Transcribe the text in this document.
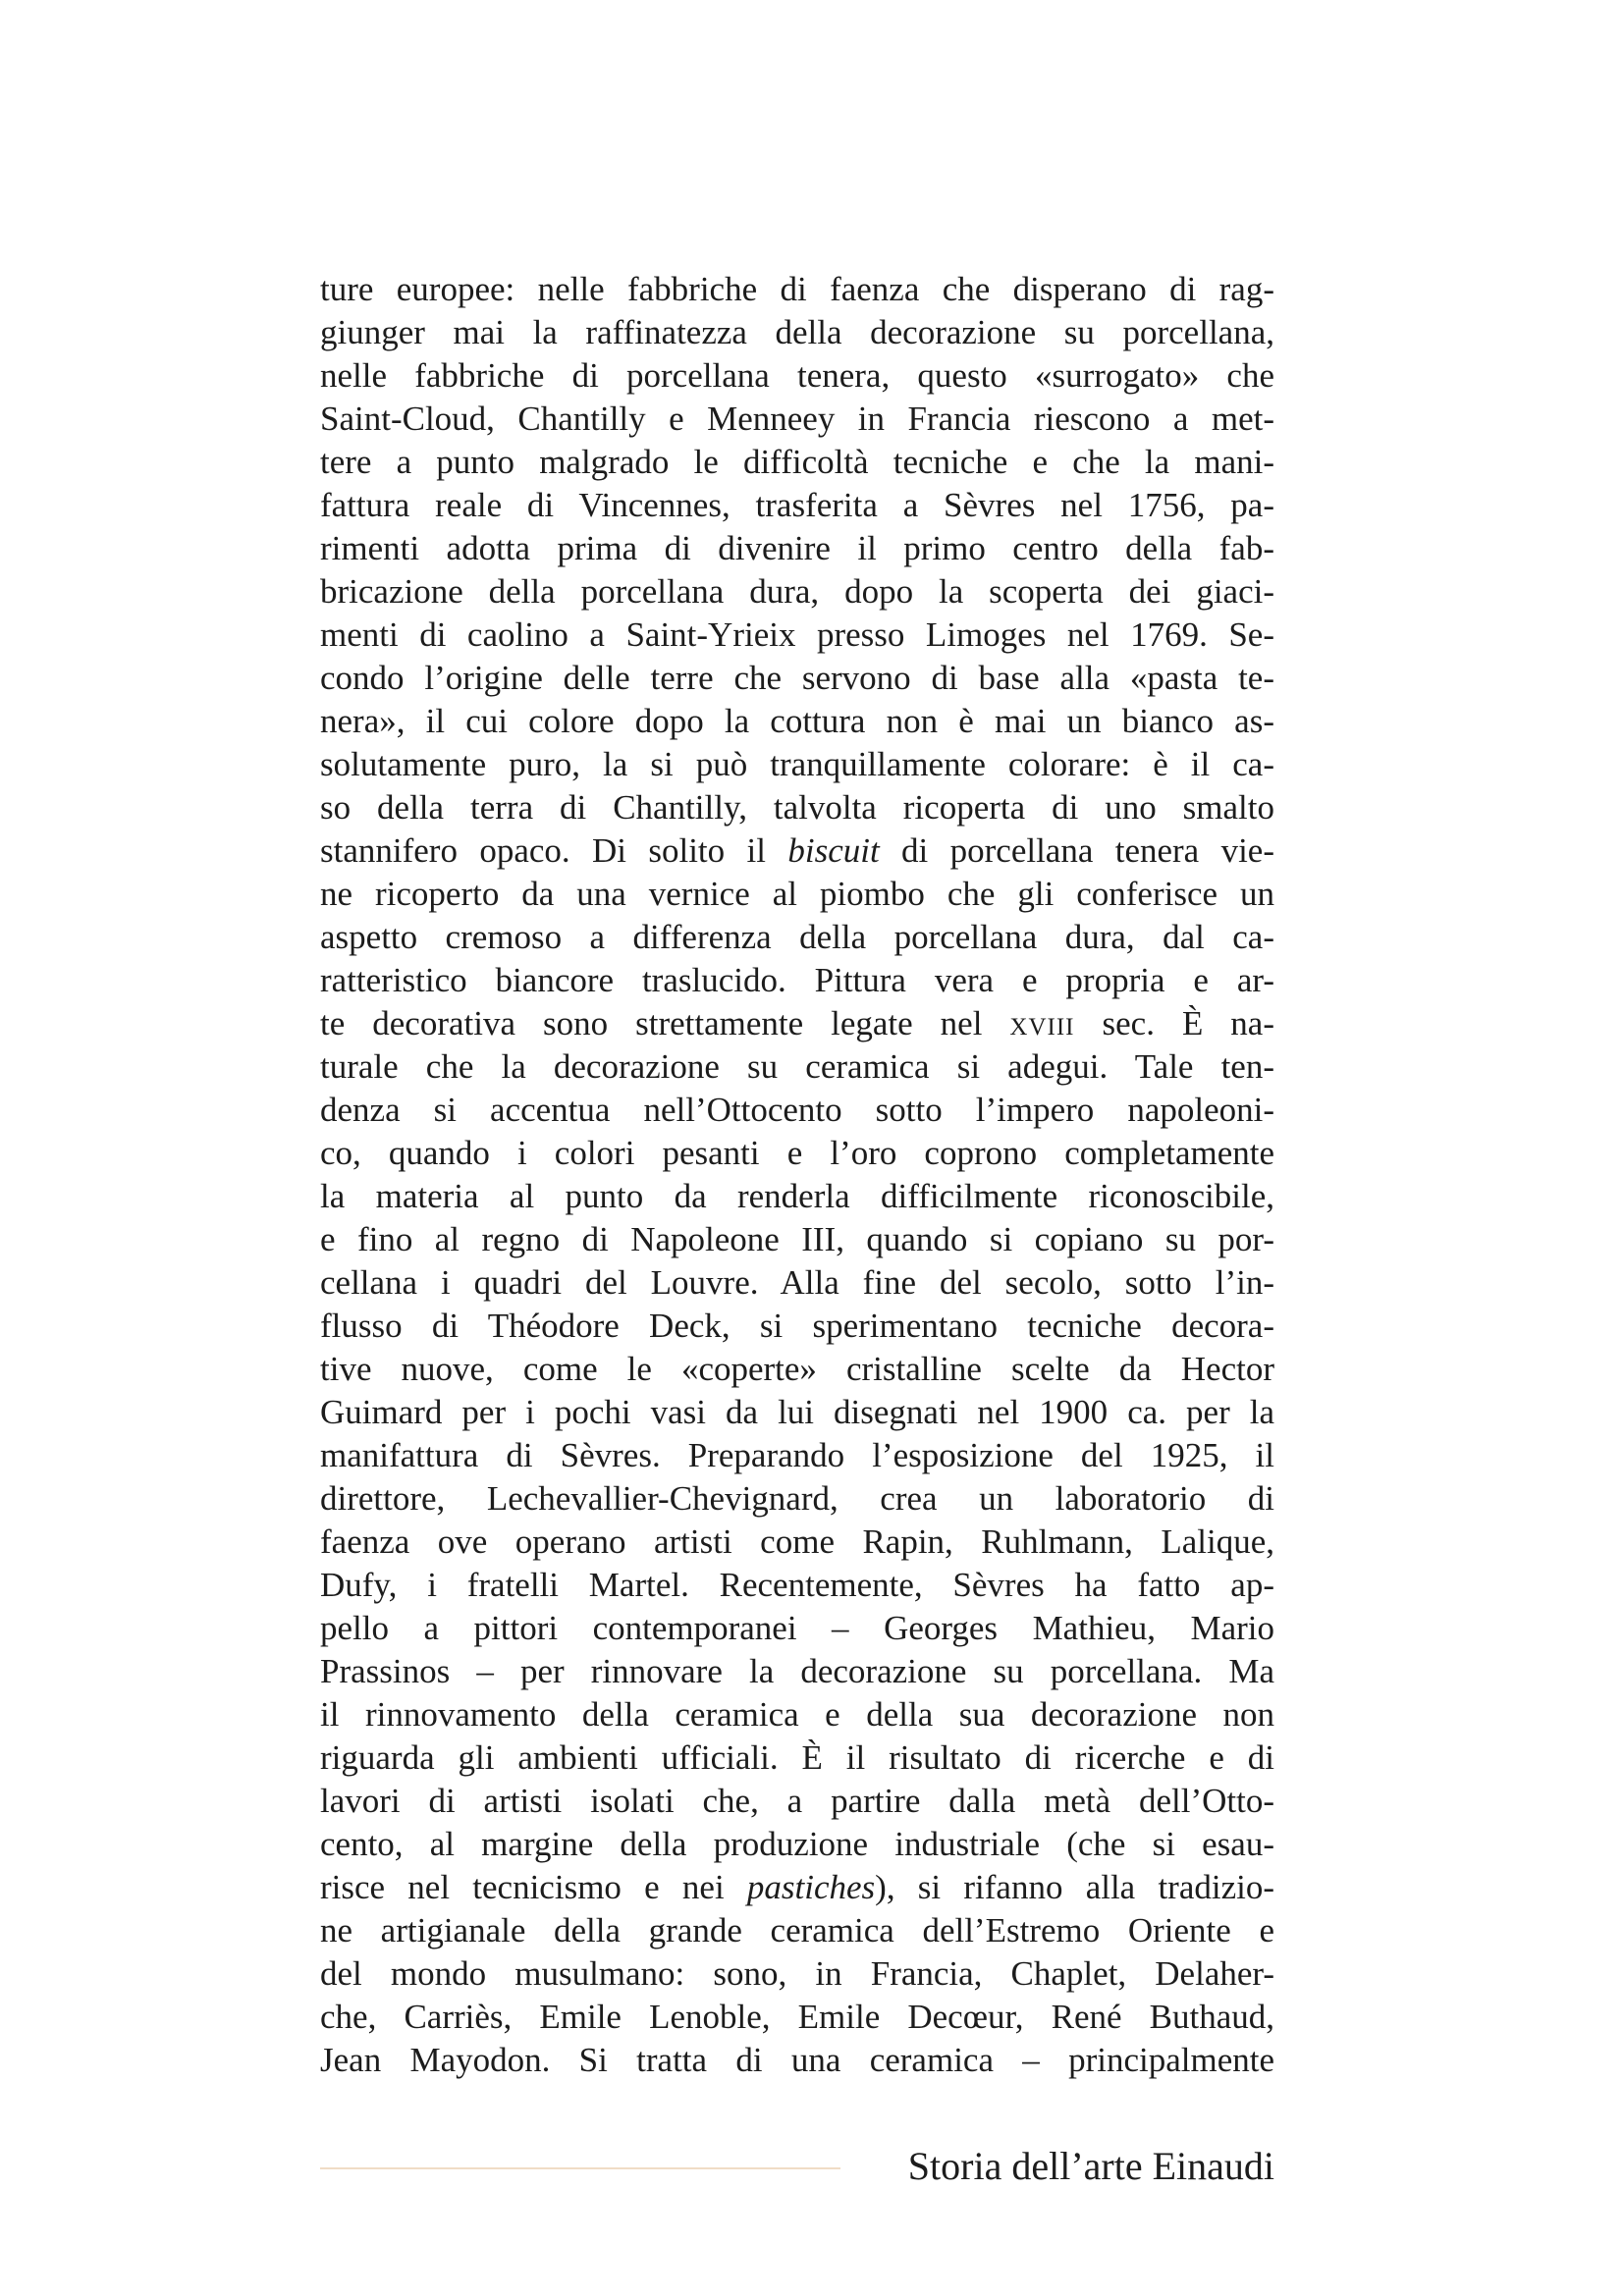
ture europee: nelle fabbriche di faenza che disperano di rag-
giunger mai la raffinatezza della decorazione su porcellana,
nelle fabbriche di porcellana tenera, questo «surrogato» che
Saint-Cloud, Chantilly e Menneey in Francia riescono a met-
tere a punto malgrado le difficoltà tecniche e che la mani-
fattura reale di Vincennes, trasferita a Sèvres nel 1756, pa-
rimenti adotta prima di divenire il primo centro della fab-
bricazione della porcellana dura, dopo la scoperta dei giaci-
menti di caolino a Saint-Yrieix presso Limoges nel 1769. Se-
condo l’origine delle terre che servono di base alla «pasta te-
nera», il cui colore dopo la cottura non è mai un bianco as-
solutamente puro, la si può tranquillamente colorare: è il ca-
so della terra di Chantilly, talvolta ricoperta di uno smalto
stannifero opaco. Di solito il biscuit di porcellana tenera vie-
ne ricoperto da una vernice al piombo che gli conferisce un
aspetto cremoso a differenza della porcellana dura, dal ca-
ratteristico biancore traslucido. Pittura vera e propria e ar-
te decorativa sono strettamente legate nel xviii sec. È na-
turale che la decorazione su ceramica si adegui. Tale ten-
denza si accentua nell’Ottocento sotto l’impero napoleoni-
co, quando i colori pesanti e l’oro coprono completamente
la materia al punto da renderla difficilmente riconoscibile,
e fino al regno di Napoleone III, quando si copiano su por-
cellana i quadri del Louvre. Alla fine del secolo, sotto l’in-
flusso di Théodore Deck, si sperimentano tecniche decora-
tive nuove, come le «coperte» cristalline scelte da Hector
Guimard per i pochi vasi da lui disegnati nel 1900 ca. per la
manifattura di Sèvres. Preparando l’esposizione del 1925, il
direttore, Lechevallier-Chevignard, crea un laboratorio di
faenza ove operano artisti come Rapin, Ruhlmann, Lalique,
Dufy, i fratelli Martel. Recentemente, Sèvres ha fatto ap-
pello a pittori contemporanei – Georges Mathieu, Mario
Prassinos – per rinnovare la decorazione su porcellana. Ma
il rinnovamento della ceramica e della sua decorazione non
riguarda gli ambienti ufficiali. È il risultato di ricerche e di
lavori di artisti isolati che, a partire dalla metà dell’Otto-
cento, al margine della produzione industriale (che si esau-
risce nel tecnicismo e nei pastiches), si rifanno alla tradizio-
ne artigianale della grande ceramica dell’Estremo Oriente e
del mondo musulmano: sono, in Francia, Chaplet, Delaher-
che, Carriès, Emile Lenoble, Emile Decœur, René Buthaud,
Jean Mayodon. Si tratta di una ceramica – principalmente
Storia dell’arte Einaudi
